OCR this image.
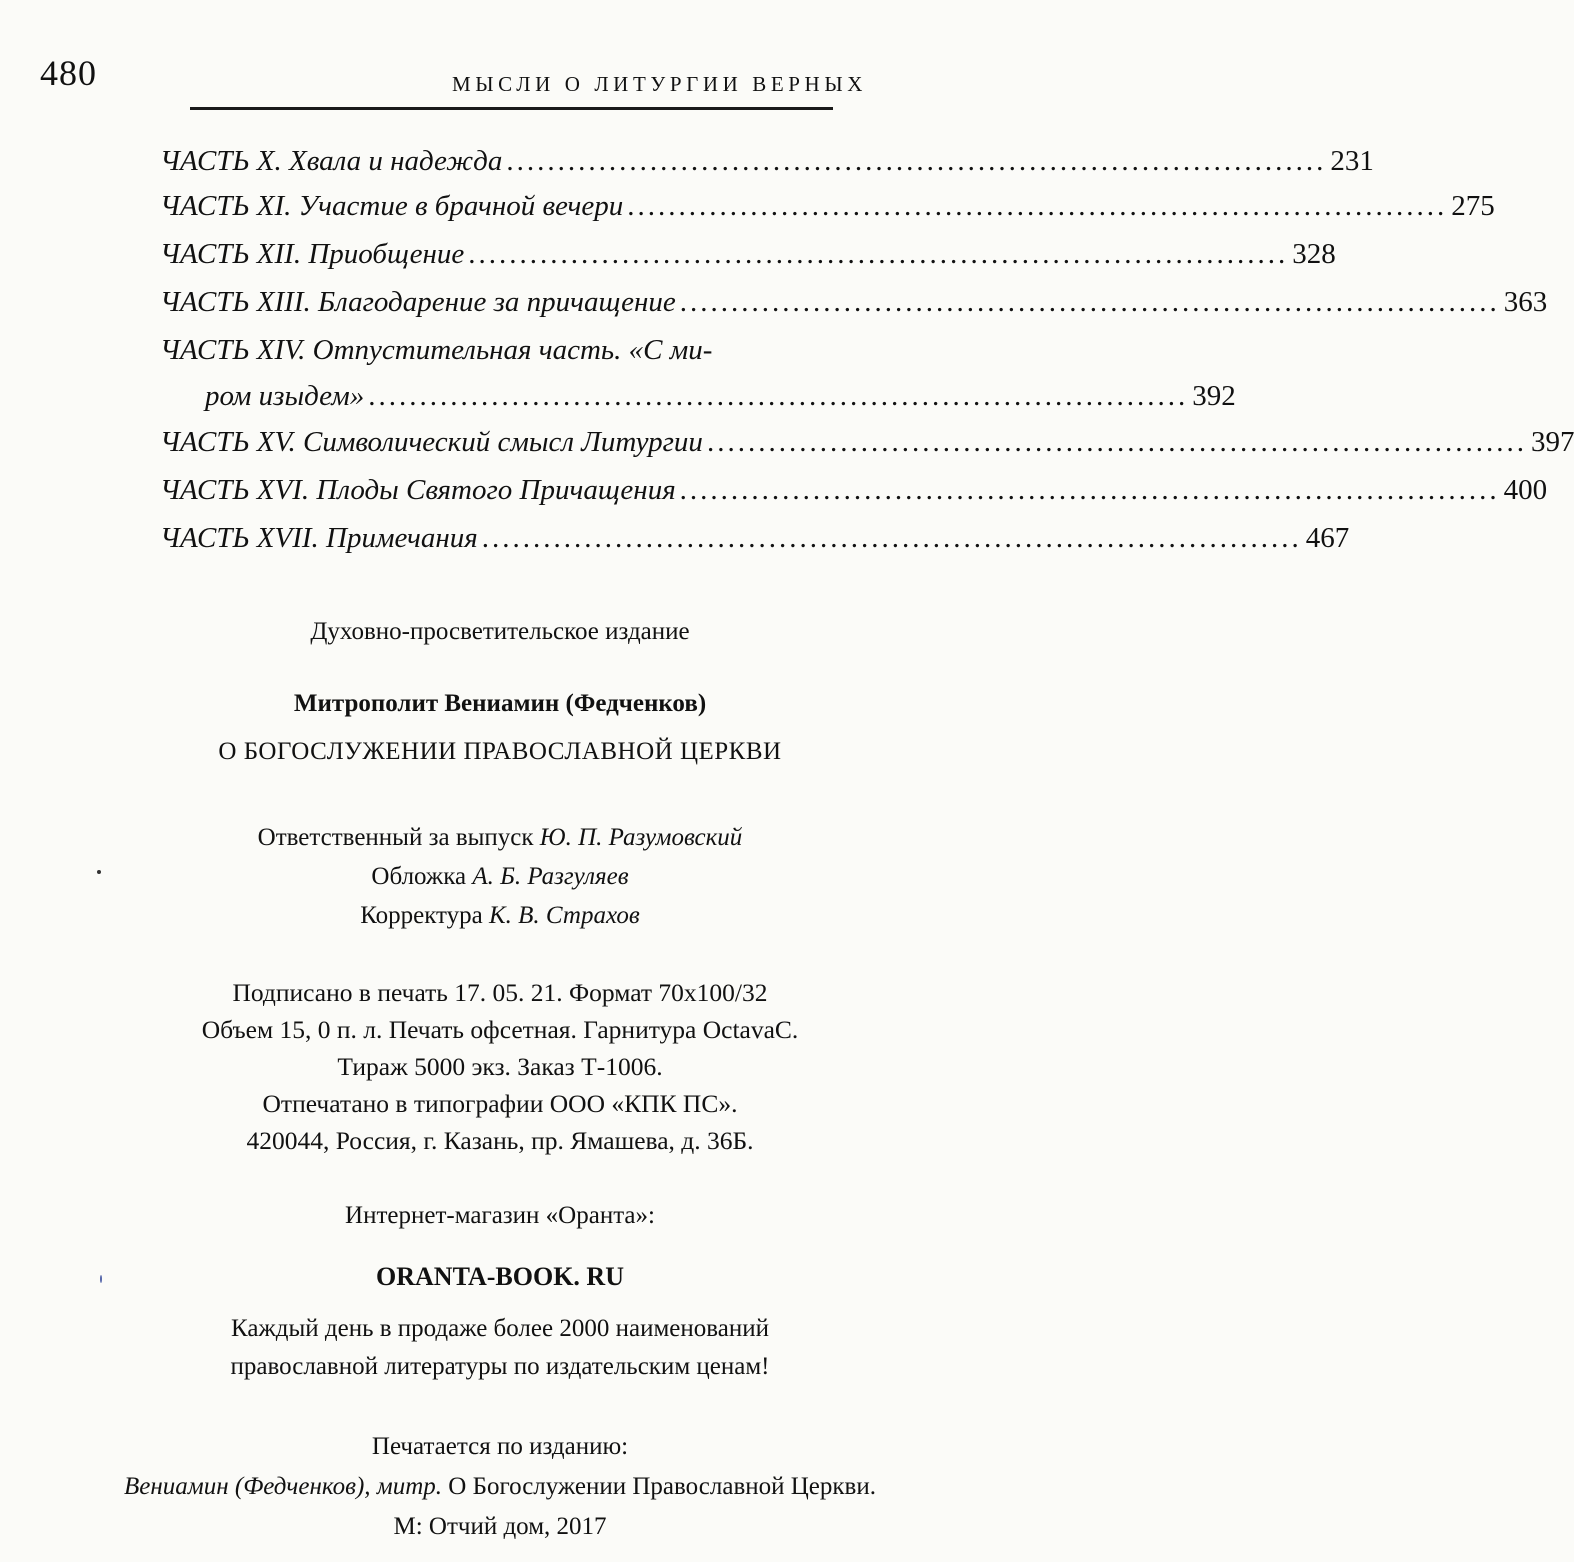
480	МЫСЛИ О ЛИТУРГИИ ВЕРНЫХ
ЧАСТЬ X. Хвала и надежда ................................................................................ 231
ЧАСТЬ XI. Участие в брачной вечери ................................................................................ 275
ЧАСТЬ XII. Приобщение ................................................................................ 328
ЧАСТЬ XIII. Благодарение за причащение ................................................................................ 363
ЧАСТЬ XIV. Отпустительная часть. «С ми-
ром изыдем» ................................................................................ 392
ЧАСТЬ XV. Символический смысл Литургии ................................................................................ 397
ЧАСТЬ XVI. Плоды Святого Причащения ................................................................................ 400
ЧАСТЬ XVII. Примечания ................................................................................ 467
Духовно-просветительское издание
Митрополит Вениамин (Федченков)
О БОГОСЛУЖЕНИИ ПРАВОСЛАВНОЙ ЦЕРКВИ
Ответственный за выпуск Ю. П. Разумовский
Обложка А. Б. Разгуляев
Корректура К. В. Страхов
Подписано в печать 17. 05. 21. Формат 70x100/32
Объем 15, 0 п. л. Печать офсетная. Гарнитура OctavaC.
Тираж 5000 экз. Заказ Т-1006.
Отпечатано в типографии ООО «КПК ПС».
420044, Россия, г. Казань, пр. Ямашева, д. 36Б.
Интернет-магазин «Оранта»:
ORANTA-BOOK. RU
Каждый день в продаже более 2000 наименований
православной литературы по издательским ценам!
Печатается по изданию:
Вениамин (Федченков), митр. О Богослужении Православной Церкви.
М: Отчий дом, 2017
